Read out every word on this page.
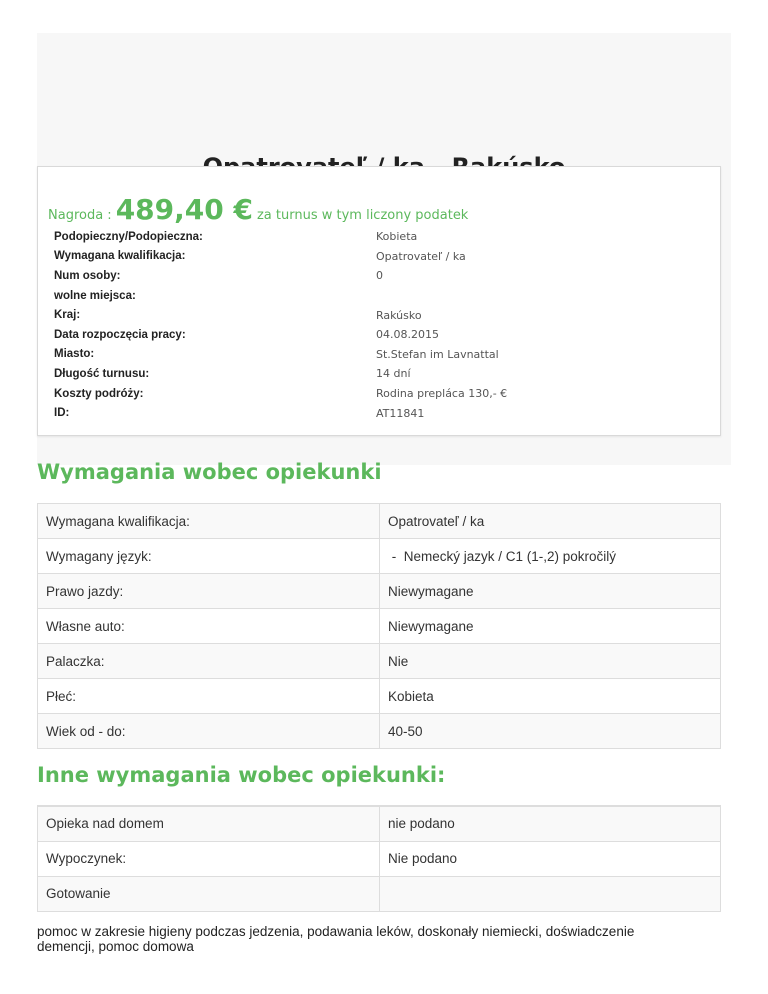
Nagroda : 489,40 € za turnus w tym liczony podatek
Podopieczny/Podopieczna:	Kobieta
Wymagana kwalifikacja:	Opatrovateľ / ka
Num osoby:	0
wolne miejsca:
Kraj:	Rakúsko
Data rozpoczęcia pracy:	04.08.2015
Miasto:	St.Stefan im Lavnattal
Długość turnusu:	14 dní
Koszty podróży:	Rodina prepláca 130,- €
ID:	AT11841
Wymagania wobec opiekunki
Wymagana kwalifikacja:	Opatrovateľ / ka
Wymagany język:	-  Nemecký jazyk / C1 (1-,2) pokročilý
Prawo jazdy:	Niewymagane
Własne auto:	Niewymagane
Palaczka:	Nie
Płeć:	Kobieta
Wiek od - do:	40-50
Inne wymagania wobec opiekunki:
Opieka nad domem	nie podano
Wypoczynek:	Nie podano
Gotowanie	

pomoc w zakresie higieny podczas jedzenia, podawania leków, doskonały niemiecki, doświadczenie demencji, pomoc domowa
